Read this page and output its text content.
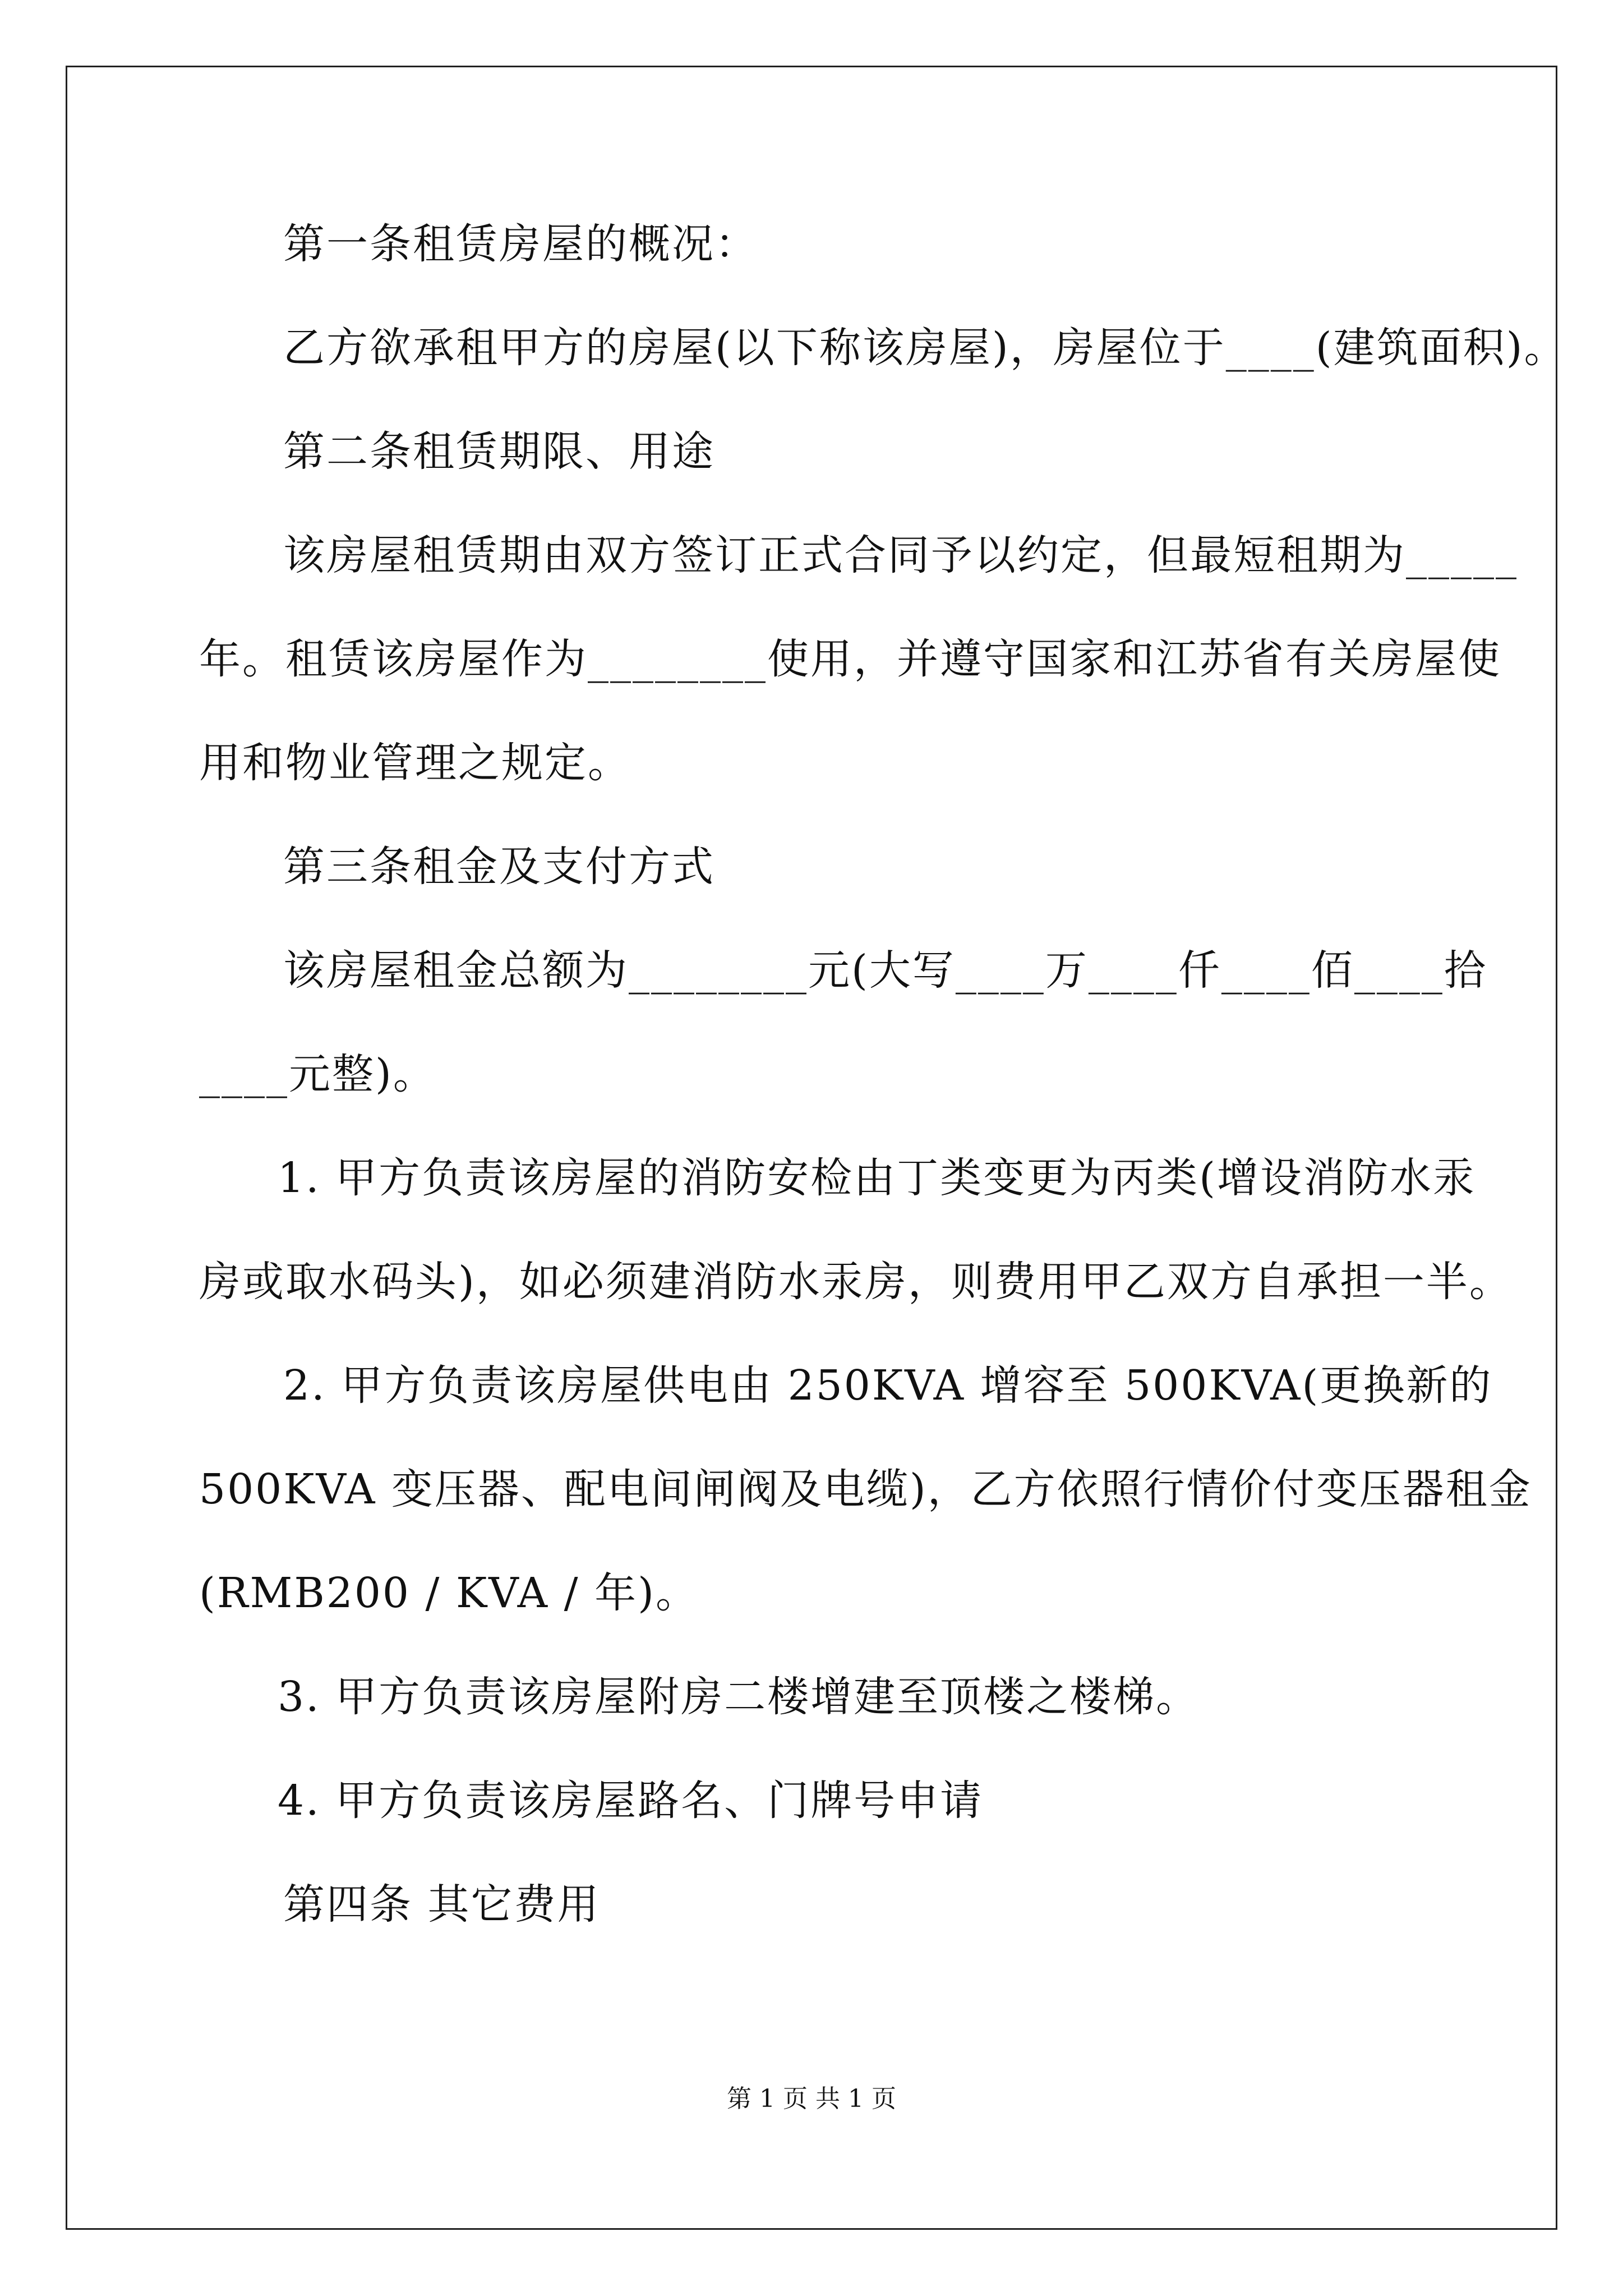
第一条租赁房屋的概况：
乙方欲承租甲方的房屋(以下称该房屋)，房屋位于____(建筑面积)。
第二条租赁期限、用途
该房屋租赁期由双方签订正式合同予以约定，但最短租期为_____
年。租赁该房屋作为________使用，并遵守国家和江苏省有关房屋使
用和物业管理之规定。
第三条租金及支付方式
该房屋租金总额为________元(大写____万____仟____佰____拾
____元整)。
1. 甲方负责该房屋的消防安检由丁类变更为丙类(增设消防水汞
房或取水码头)，如必须建消防水汞房，则费用甲乙双方自承担一半。
2. 甲方负责该房屋供电由 250KVA 增容至 500KVA(更换新的
500KVA 变压器、配电间闸阀及电缆)，乙方依照行情价付变压器租金
(RMB200 / KVA / 年)。
3. 甲方负责该房屋附房二楼增建至顶楼之楼梯。
4. 甲方负责该房屋路名、门牌号申请
第四条 其它费用
第 1 页 共 1 页
